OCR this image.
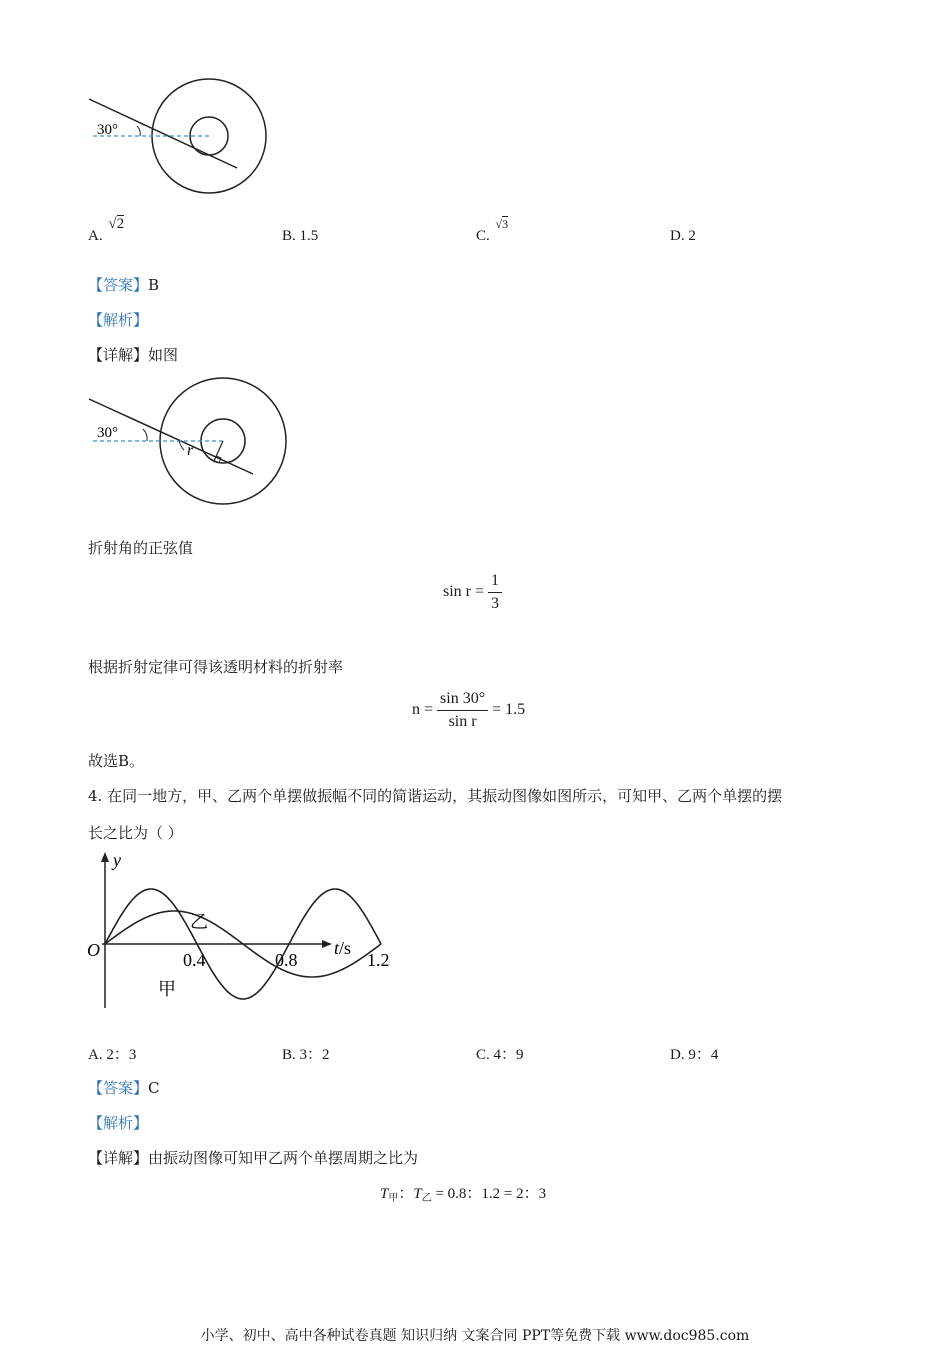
30°
A. √2
B. 1.5	C. $^{√3}$
D. 2
【答案】B
【解析】
【详解】如图
30°
r
折射角的正弦值
$\sin r = \frac{1}{3}$
根据折射定律可得该透明材料的折射率
$n = \frac{\sin 30^\circ}{\text{sin r}} = 1.5$
故选B。
4. 在同一地方，甲、乙两个单摆做振幅不同的简谐运动，其振动图像如图所示，可知甲、乙两个单摆的摆
长之比为（ ）
y
t/s
O	0.4	0.8	1.2
乙
甲
A. 2：3	B. 3：2	C. 4：9	D. 9：4
【答案】C
【解析】
【详解】由振动图像可知甲乙两个单摆周期之比为
$T_甲$：$T_乙 = 0.8$：1.2 = 2：3
小学、初中、高中各种试卷真题 知识归纳 文案合同 PPT等免费下载 www.doc985.com
